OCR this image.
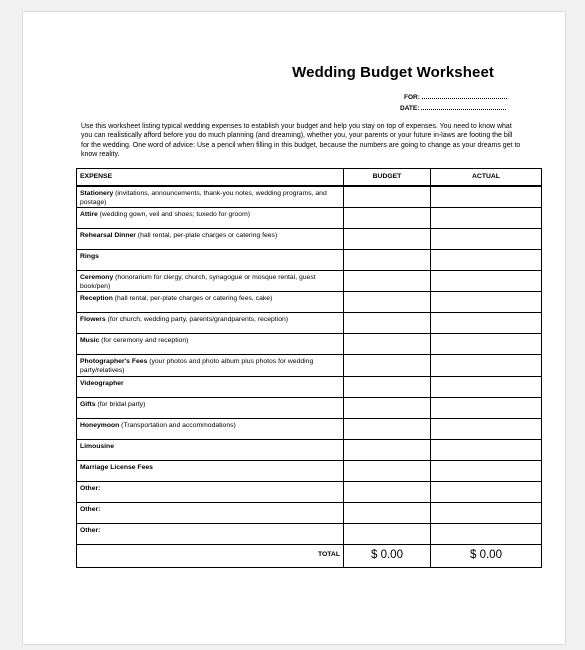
Wedding Budget Worksheet
FOR:
DATE:
Use this worksheet listing typical wedding expenses to establish your budget and help you stay on top of expenses. You need to know what you can realistically afford before you do much planning (and dreaming), whether you, your parents or your future in-laws are footing the bill for the wedding. One word of advice: Use a pencil when filling in this budget, because the numbers are going to change as your dreams get to know reality.
EXPENSE	BUDGET	ACTUAL
Stationery (invitations, announcements, thank-you notes, wedding programs, and postage)		
Attire (wedding gown, veil and shoes; tuxedo for groom)		
Rehearsal Dinner (hall rental, per-plate charges or catering fees)		
Rings		
Ceremony (honorarium for clergy, church, synagogue or mosque rental, guest book/pen)		
Reception (hall rental, per-plate charges or catering fees, cake)		
Flowers (for church, wedding party, parents/grandparents, reception)		
Music (for ceremony and reception)		
Photographer's Fees (your photos and photo album plus photos for wedding party/relatives)		
Videographer		
Gifts (for bridal party)		
Honeymoon (Transportation and accommodations)		
Limousine		
Marriage License Fees		
Other:		
Other:		
Other:		
TOTAL	$ 0.00	$ 0.00
